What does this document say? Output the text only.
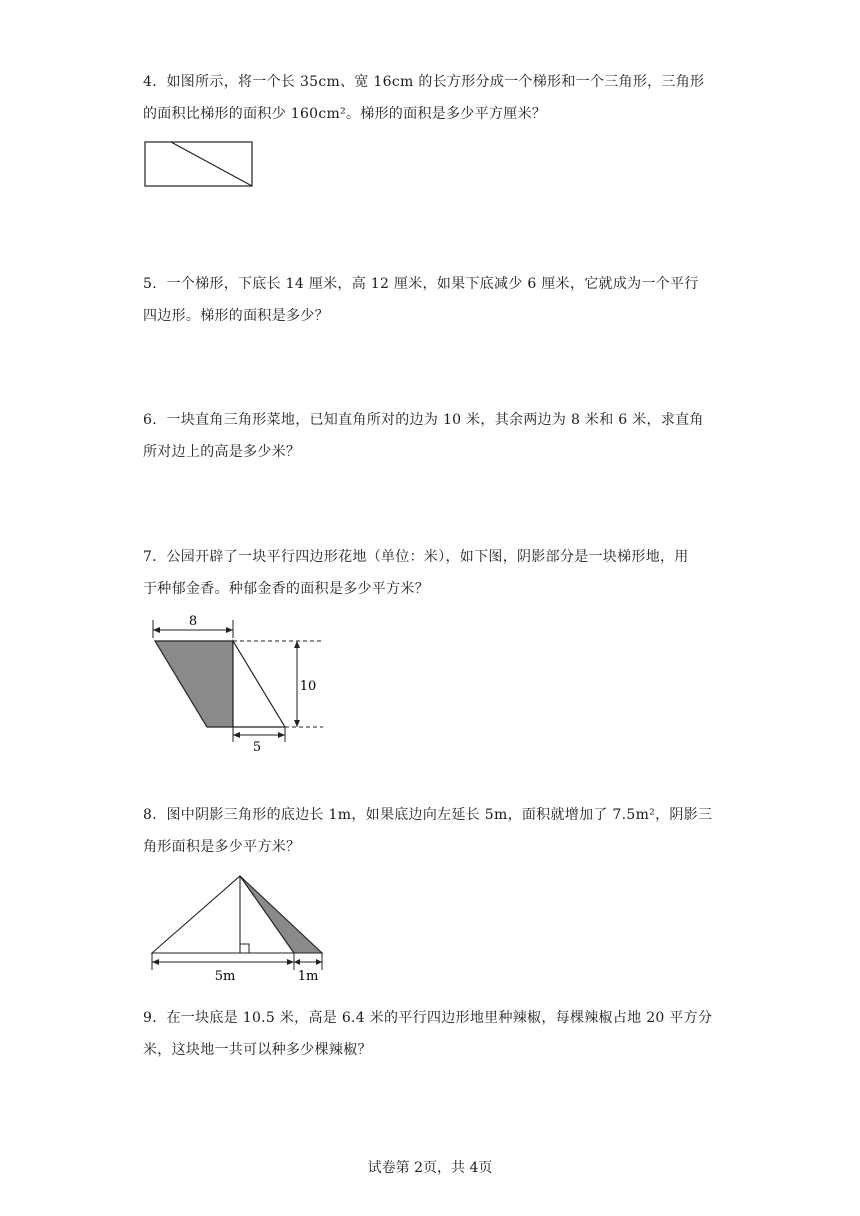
4．如图所示，将一个长 35cm、宽 16cm 的长方形分成一个梯形和一个三角形，三角形
的面积比梯形的面积少 160cm²。梯形的面积是多少平方厘米？
5．一个梯形，下底长 14 厘米，高 12 厘米，如果下底减少 6 厘米，它就成为一个平行
四边形。梯形的面积是多少？
6．一块直角三角形菜地，已知直角所对的边为 10 米，其余两边为 8 米和 6 米，求直角
所对边上的高是多少米？
7．公园开辟了一块平行四边形花地（单位：米），如下图，阴影部分是一块梯形地，用
于种郁金香。种郁金香的面积是多少平方米？
8
10
5
8．图中阴影三角形的底边长 1m，如果底边向左延长 5m，面积就增加了 7.5m²，阴影三
角形面积是多少平方米？
5m	1m
9．在一块底是 10.5 米，高是 6.4 米的平行四边形地里种辣椒，每棵辣椒占地 20 平方分
米，这块地一共可以种多少棵辣椒？
试卷第 2页，共 4页
